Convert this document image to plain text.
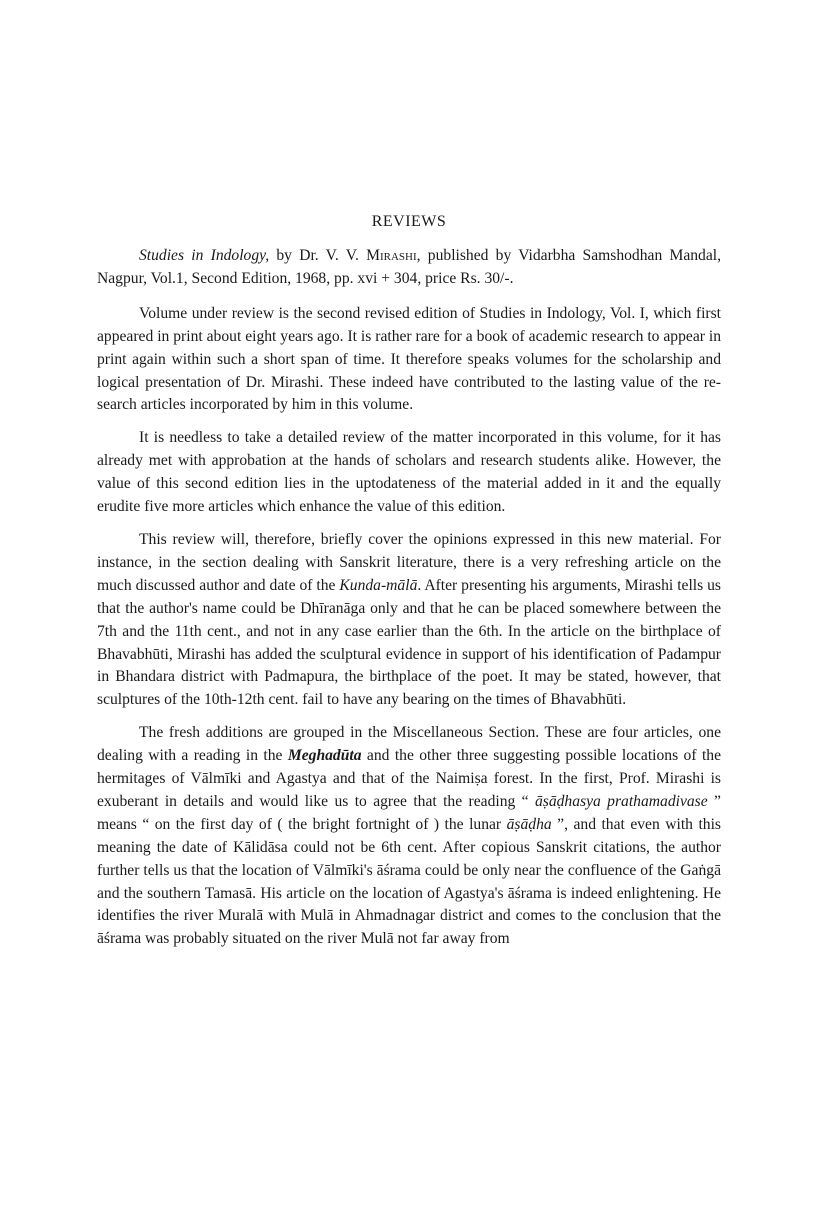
REVIEWS
Studies in Indology, by Dr. V. V. Mirashi, published by Vidarbha Samshodhan Mandal, Nagpur, Vol.1, Second Edition, 1968, pp. xvi + 304, price Rs. 30/-.
Volume under review is the second revised edition of Studies in Indology, Vol. I, which first appeared in print about eight years ago. It is rather rare for a book of academic research to appear in print again within such a short span of time. It therefore speaks volumes for the scholarship and logical presentation of Dr. Mirashi. These indeed have contributed to the lasting value of the re-search articles incorporated by him in this volume.
It is needless to take a detailed review of the matter incorporated in this volume, for it has already met with approbation at the hands of scholars and research students alike. However, the value of this second edition lies in the uptodateness of the material added in it and the equally erudite five more articles which enhance the value of this edition.
This review will, therefore, briefly cover the opinions expressed in this new material. For instance, in the section dealing with Sanskrit literature, there is a very refreshing article on the much discussed author and date of the Kunda-mālā. After presenting his arguments, Mirashi tells us that the author's name could be Dhīranāga only and that he can be placed somewhere between the 7th and the 11th cent., and not in any case earlier than the 6th. In the article on the birthplace of Bhavabhūti, Mirashi has added the sculptural evidence in support of his identification of Padampur in Bhandara district with Padmapura, the birthplace of the poet. It may be stated, however, that sculptures of the 10th-12th cent. fail to have any bearing on the times of Bhavabhūti.
The fresh additions are grouped in the Miscellaneous Section. These are four articles, one dealing with a reading in the Meghadūta and the other three suggesting possible locations of the hermitages of Vālmīki and Agastya and that of the Naimiṣa forest. In the first, Prof. Mirashi is exuberant in details and would like us to agree that the reading “ āṣāḍhasya prathamadivase ” means “ on the first day of ( the bright fortnight of ) the lunar āṣāḍha ”, and that even with this meaning the date of Kālidāsa could not be 6th cent. After copious Sanskrit citations, the author further tells us that the location of Vālmīki's āśrama could be only near the confluence of the Gaṅgā and the southern Tamasā. His article on the location of Agastya's āśrama is indeed enlightening. He identifies the river Muralā with Mulā in Ahmadnagar district and comes to the conclusion that the āśrama was probably situated on the river Mulā not far away from
